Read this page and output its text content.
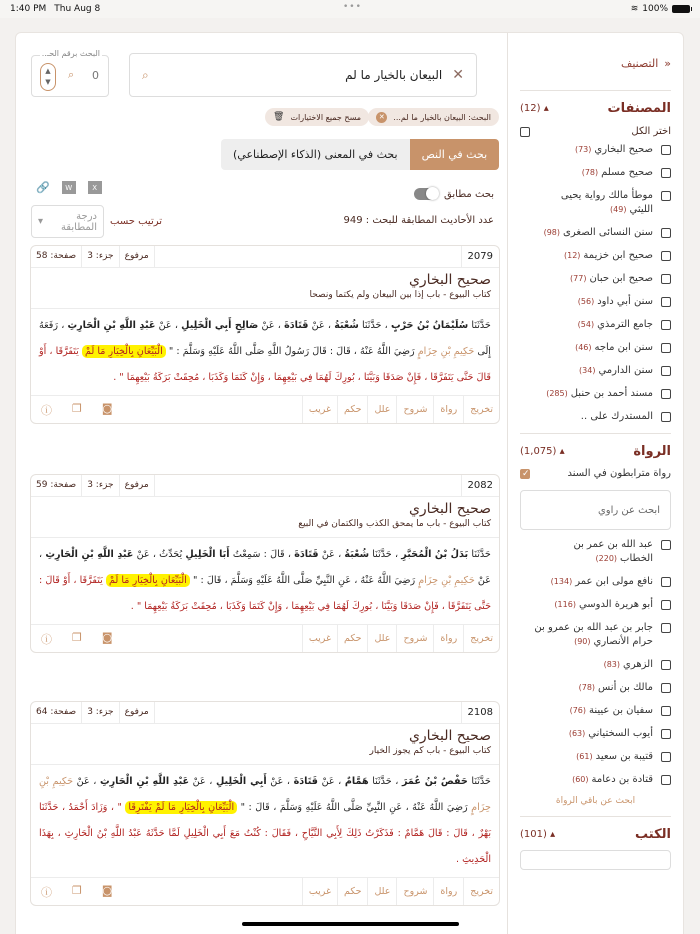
1:40 PM Thu Aug 8	•••	≋ 100%
«
التصنيف
المصنفات
(12) ▴
اختر الكل
صحيح البخاري(73)
صحيح مسلم(78)
موطأ مالك رواية يحيى الليثي(49)
سنن النسائى الصغرى(98)
صحيح ابن خزيمة(12)
صحيح ابن حبان(77)
سنن أبي داود(56)
جامع الترمذي(54)
سنن ابن ماجه(46)
سنن الدارمي(34)
مسند أحمد بن حنبل(285)
المستدرك على ..
الرواة
(1,075) ▴
رواة مترابطون في السند
✓
ابحث عن راوي
عبد الله بن عمر بن الخطاب(220)
نافع مولى ابن عمر(134)
أبو هريرة الدوسي(116)
جابر بن عبد الله بن عمرو بن حرام الأنصاري(90)
الزهري(83)
مالك بن أنس(78)
سفيان بن عيينة(76)
أيوب السختياني(63)
قتيبة بن سعيد(61)
قتادة بن دعامة(60)
ابحث عن باقي الرواة
الكتب
(101) ▴
✕
البيعان بالخيار ما لم
⌕
البحث برقم الحـ..
▲
▼
⌕ 0
البحث: البيعان بالخيار ما لم...
✕
مسح جميع الاختيارات
🗑
بحث في النص
بحث في المعنى (الذكاء الإصطناعي)
بحث مطابق
🔗	W	X
عدد الأحاديث المطابقة للبحث : 949
ترتيب حسب
درجة المطابقة
▾
2079
مرفوع
جزء: 3
صفحة: 58
صحيح البخاري
كتاب البيوع - باب إذا بين البيعان ولم يكتما ونصحا
حَدَّثَنَا سُلَيْمَانُ بْنُ حَرْبٍ ، حَدَّثَنَا شُعْبَةُ ، عَنْ قَتَادَةَ ، عَنْ صَالِحٍ أَبِي الْخَلِيلِ ، عَنْ عَبْدِ اللَّهِ بْنِ الْحَارِثِ ، رَفَعَهُ إِلَى حَكِيمِ بْنِ حِزَامٍ رَضِيَ اللَّهُ عَنْهُ ، قَالَ : قَالَ رَسُولُ اللَّهِ صَلَّى اللَّهُ عَلَيْهِ وَسَلَّمَ : " الْبَيِّعَانِ بِالْخِيَارِ مَا لَمْ يَتَفَرَّقَا ، أَوْ قَالَ حَتَّى يَتَفَرَّقَا ، فَإِنْ صَدَقَا وَبَيَّنَا ، بُورِكَ لَهُمَا فِي بَيْعِهِمَا ، وَإِنْ كَتَمَا وَكَذَبَا ، مُحِقَتْ بَرَكَةُ بَيْعِهِمَا " .
تخريج
رواة
شروح
علل
حكم
غريب
◙
❐
ⓘ
2082
مرفوع
جزء: 3
صفحة: 59
صحيح البخاري
كتاب البيوع - باب ما يمحق الكذب والكتمان في البيع
حَدَّثَنَا بَدَلُ بْنُ الْمُحَبَّرِ ، حَدَّثَنَا شُعْبَةُ ، عَنْ قَتَادَةَ ، قَالَ : سَمِعْتُ أَبَا الْخَلِيلِ يُحَدِّثُ ، عَنْ عَبْدِ اللَّهِ بْنِ الْحَارِثِ ، عَنْ حَكِيمِ بْنِ حِزَامٍ رَضِيَ اللَّهُ عَنْهُ ، عَنِ النَّبِيِّ صَلَّى اللَّهُ عَلَيْهِ وَسَلَّمَ ، قَالَ : " الْبَيِّعَانِ بِالْخِيَارِ مَا لَمْ يَتَفَرَّقَا ، أَوْ قَالَ : حَتَّى يَتَفَرَّقَا ، فَإِنْ صَدَقَا وَبَيَّنَا ، بُورِكَ لَهُمَا فِي بَيْعِهِمَا ، وَإِنْ كَتَمَا وَكَذَبَا ، مُحِقَتْ بَرَكَةُ بَيْعِهِمَا " .
تخريج
رواة
شروح
علل
حكم
غريب
◙
❐
ⓘ
2108
مرفوع
جزء: 3
صفحة: 64
صحيح البخاري
كتاب البيوع - باب كم يجوز الخيار
حَدَّثَنَا حَفْصُ بْنُ عُمَرَ ، حَدَّثَنَا هَمَّامٌ ، عَنْ قَتَادَةَ ، عَنْ أَبِي الْخَلِيلِ ، عَنْ عَبْدِ اللَّهِ بْنِ الْحَارِثِ ، عَنْ حَكِيمِ بْنِ حِزَامٍ رَضِيَ اللَّهُ عَنْهُ ، عَنِ النَّبِيِّ صَلَّى اللَّهُ عَلَيْهِ وَسَلَّمَ ، قَالَ : " الْبَيِّعَانِ بِالْخِيَارِ مَا لَمْ يَفْتَرِقَا " ، وَزَادَ أَحْمَدُ ، حَدَّثَنَا بَهْزٌ ، قَالَ : قَالَ هَمَّامٌ : فَذَكَرْتُ ذَلِكَ لِأَبِي التَّيَّاحِ ، فَقَالَ : كُنْتُ مَعَ أَبِي الْخَلِيلِ لَمَّا حَدَّثَهُ عَبْدُ اللَّهِ بْنُ الْحَارِثِ ، بِهَذَا الْحَدِيثِ .
تخريج
رواة
شروح
علل
حكم
غريب
◙
❐
ⓘ
